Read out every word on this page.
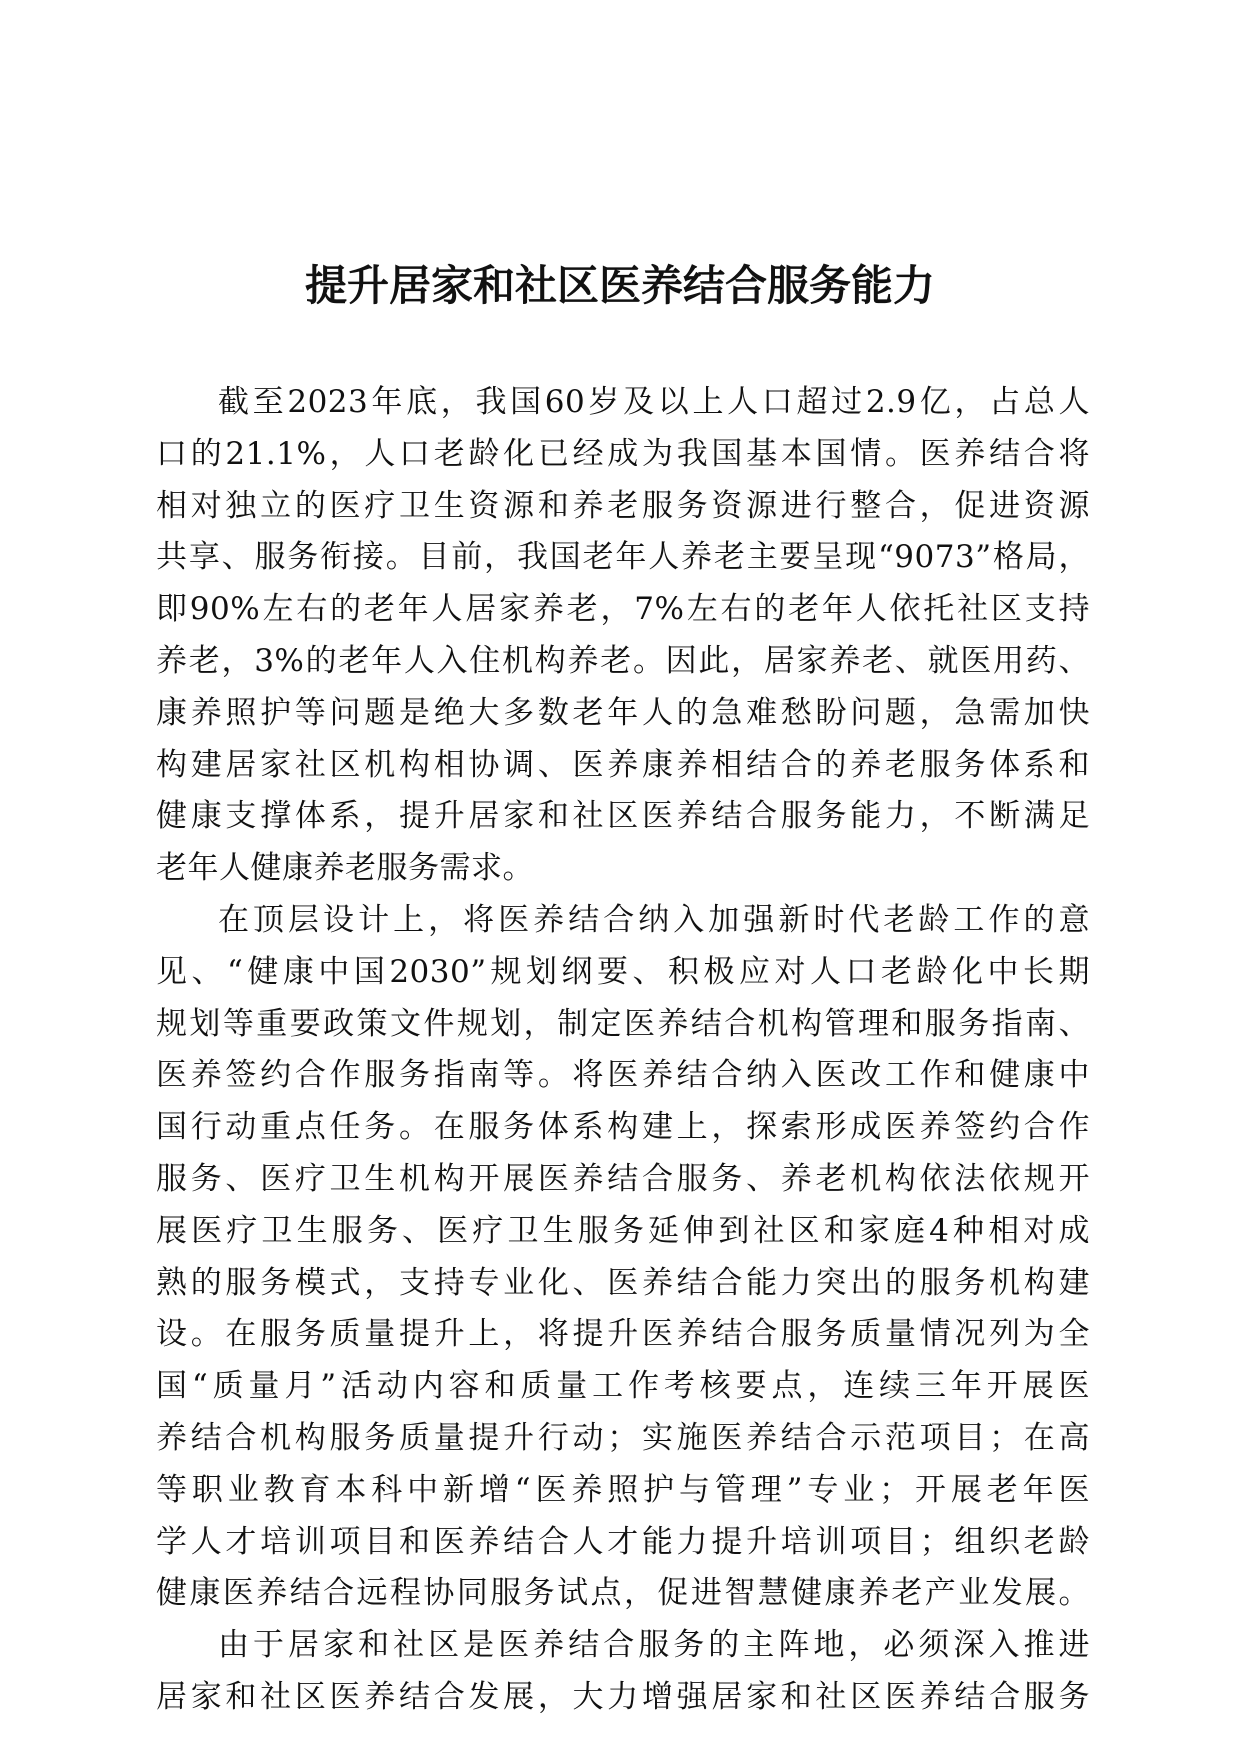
提升居家和社区医养结合服务能力
截至2023年底，我国60岁及以上人口超过2.9亿，占总人
口的21.1%，人口老龄化已经成为我国基本国情。医养结合将
相对独立的医疗卫生资源和养老服务资源进行整合，促进资源
共享、服务衔接。目前，我国老年人养老主要呈现“9073”格局，
即90%左右的老年人居家养老，7%左右的老年人依托社区支持
养老，3%的老年人入住机构养老。因此，居家养老、就医用药、
康养照护等问题是绝大多数老年人的急难愁盼问题，急需加快
构建居家社区机构相协调、医养康养相结合的养老服务体系和
健康支撑体系，提升居家和社区医养结合服务能力，不断满足
老年人健康养老服务需求。
在顶层设计上，将医养结合纳入加强新时代老龄工作的意
见、“健康中国2030”规划纲要、积极应对人口老龄化中长期
规划等重要政策文件规划，制定医养结合机构管理和服务指南、
医养签约合作服务指南等。将医养结合纳入医改工作和健康中
国行动重点任务。在服务体系构建上，探索形成医养签约合作
服务、医疗卫生机构开展医养结合服务、养老机构依法依规开
展医疗卫生服务、医疗卫生服务延伸到社区和家庭4种相对成
熟的服务模式，支持专业化、医养结合能力突出的服务机构建
设。在服务质量提升上，将提升医养结合服务质量情况列为全
国“质量月”活动内容和质量工作考核要点，连续三年开展医
养结合机构服务质量提升行动；实施医养结合示范项目；在高
等职业教育本科中新增“医养照护与管理”专业；开展老年医
学人才培训项目和医养结合人才能力提升培训项目；组织老龄
健康医养结合远程协同服务试点，促进智慧健康养老产业发展。
由于居家和社区是医养结合服务的主阵地，必须深入推进
居家和社区医养结合发展，大力增强居家和社区医养结合服务
